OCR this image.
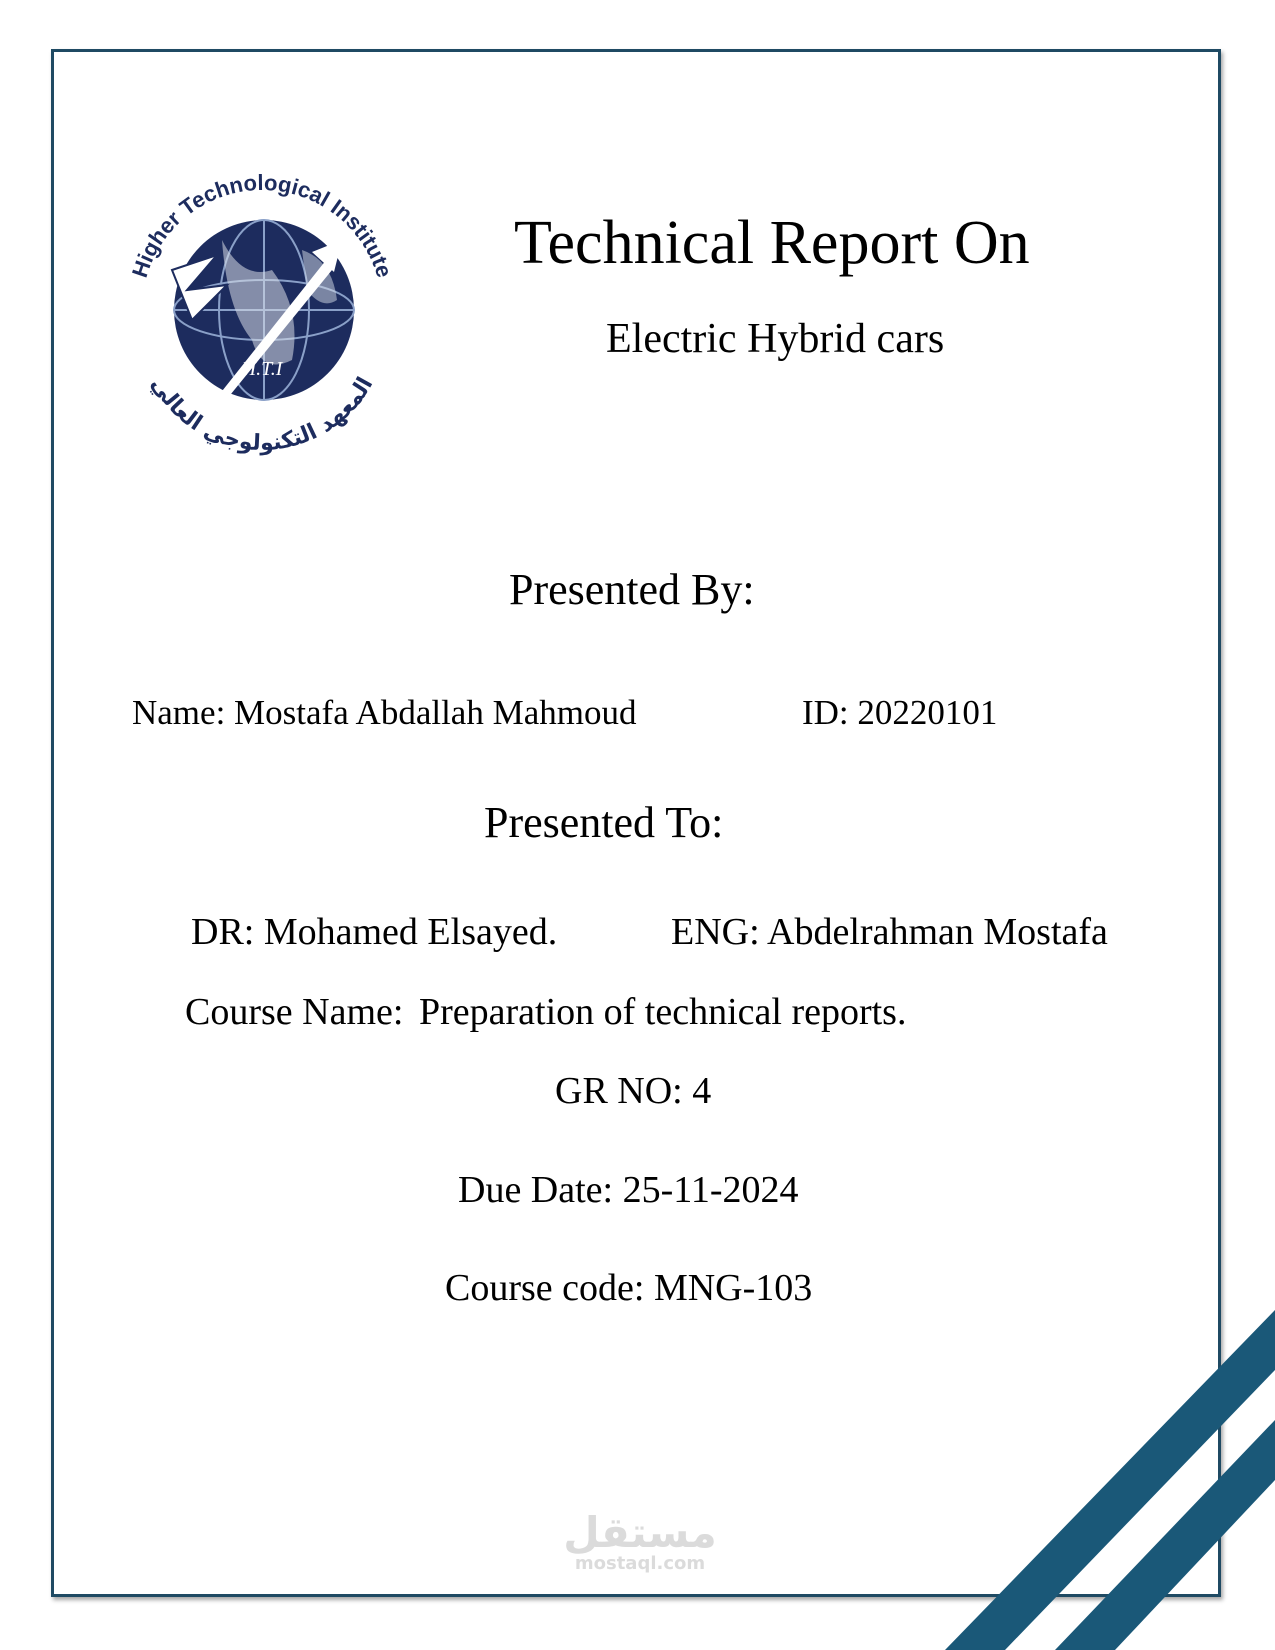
H.T.I
Higher Technological Institute
المعهد التكنولوجي العالي
Technical Report On
Electric Hybrid cars
Presented By:
Name: Mostafa Abdallah Mahmoud	ID: 20220101
Presented To:
DR: Mohamed Elsayed.	ENG: Abdelrahman Mostafa
Course Name: Preparation of technical reports.
GR NO: 4
Due Date: 25-11-2024
Course code: MNG-103
مستقل
mostaql.com
